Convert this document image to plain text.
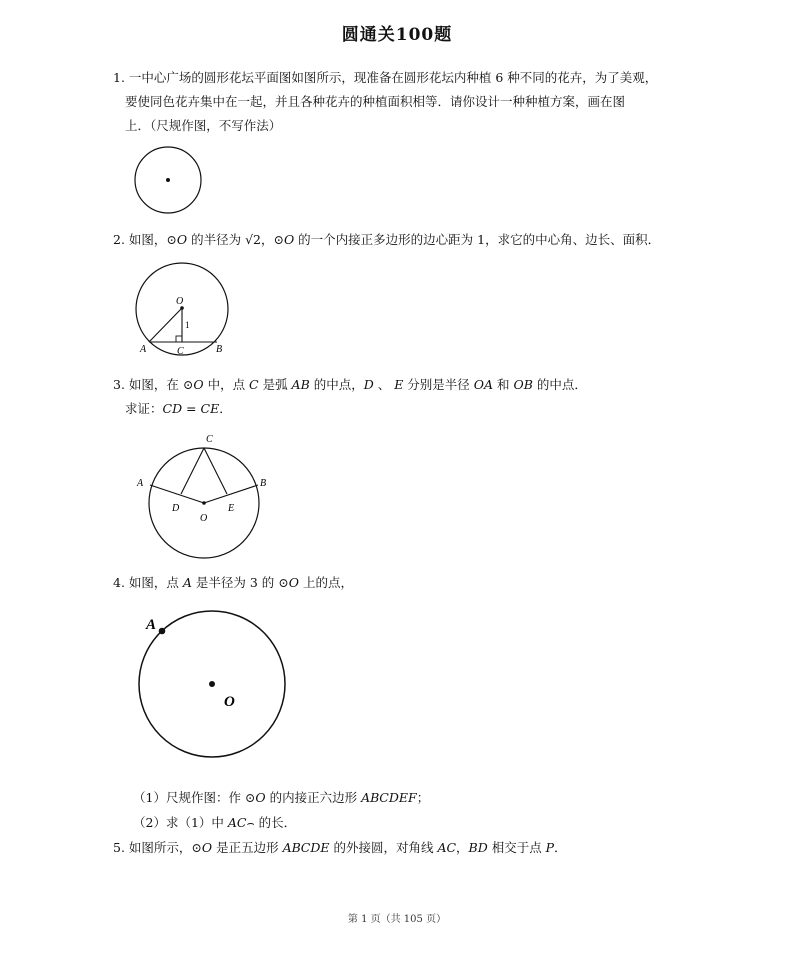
圆通关100题
1. 一中心广场的圆形花坛平面图如图所示，现准备在圆形花坛内种植 6 种不同的花卉，为了美观，
要使同色花卉集中在一起，并且各种花卉的种植面积相等．请你设计一种种植方案，画在图
上．（尺规作图，不写作法）
2. 如图，⊙𝑂 的半径为 √2，⊙𝑂 的一个内接正多边形的边心距为 1，求它的中心角、边长、面积．
O
1
A	C	B
3. 如图，在 ⊙𝑂 中，点 𝐶 是弧 𝐴𝐵 的中点，𝐷 、 𝐸 分别是半径 𝑂𝐴 和 𝑂𝐵 的中点．
求证：𝐶𝐷 = 𝐶𝐸．
C
A	B
D	E
O
4. 如图，点 𝐴 是半径为 3 的 ⊙𝑂 上的点，
A
O
（1）尺规作图：作 ⊙𝑂 的内接正六边形 𝐴𝐵𝐶𝐷𝐸𝐹；
（2）求（1）中 𝐴𝐶⌢ 的长．
5. 如图所示，⊙𝑂 是正五边形 𝐴𝐵𝐶𝐷𝐸 的外接圆，对角线 𝐴𝐶，𝐵𝐷 相交于点 𝑃．
第 1 页（共 105 页）
